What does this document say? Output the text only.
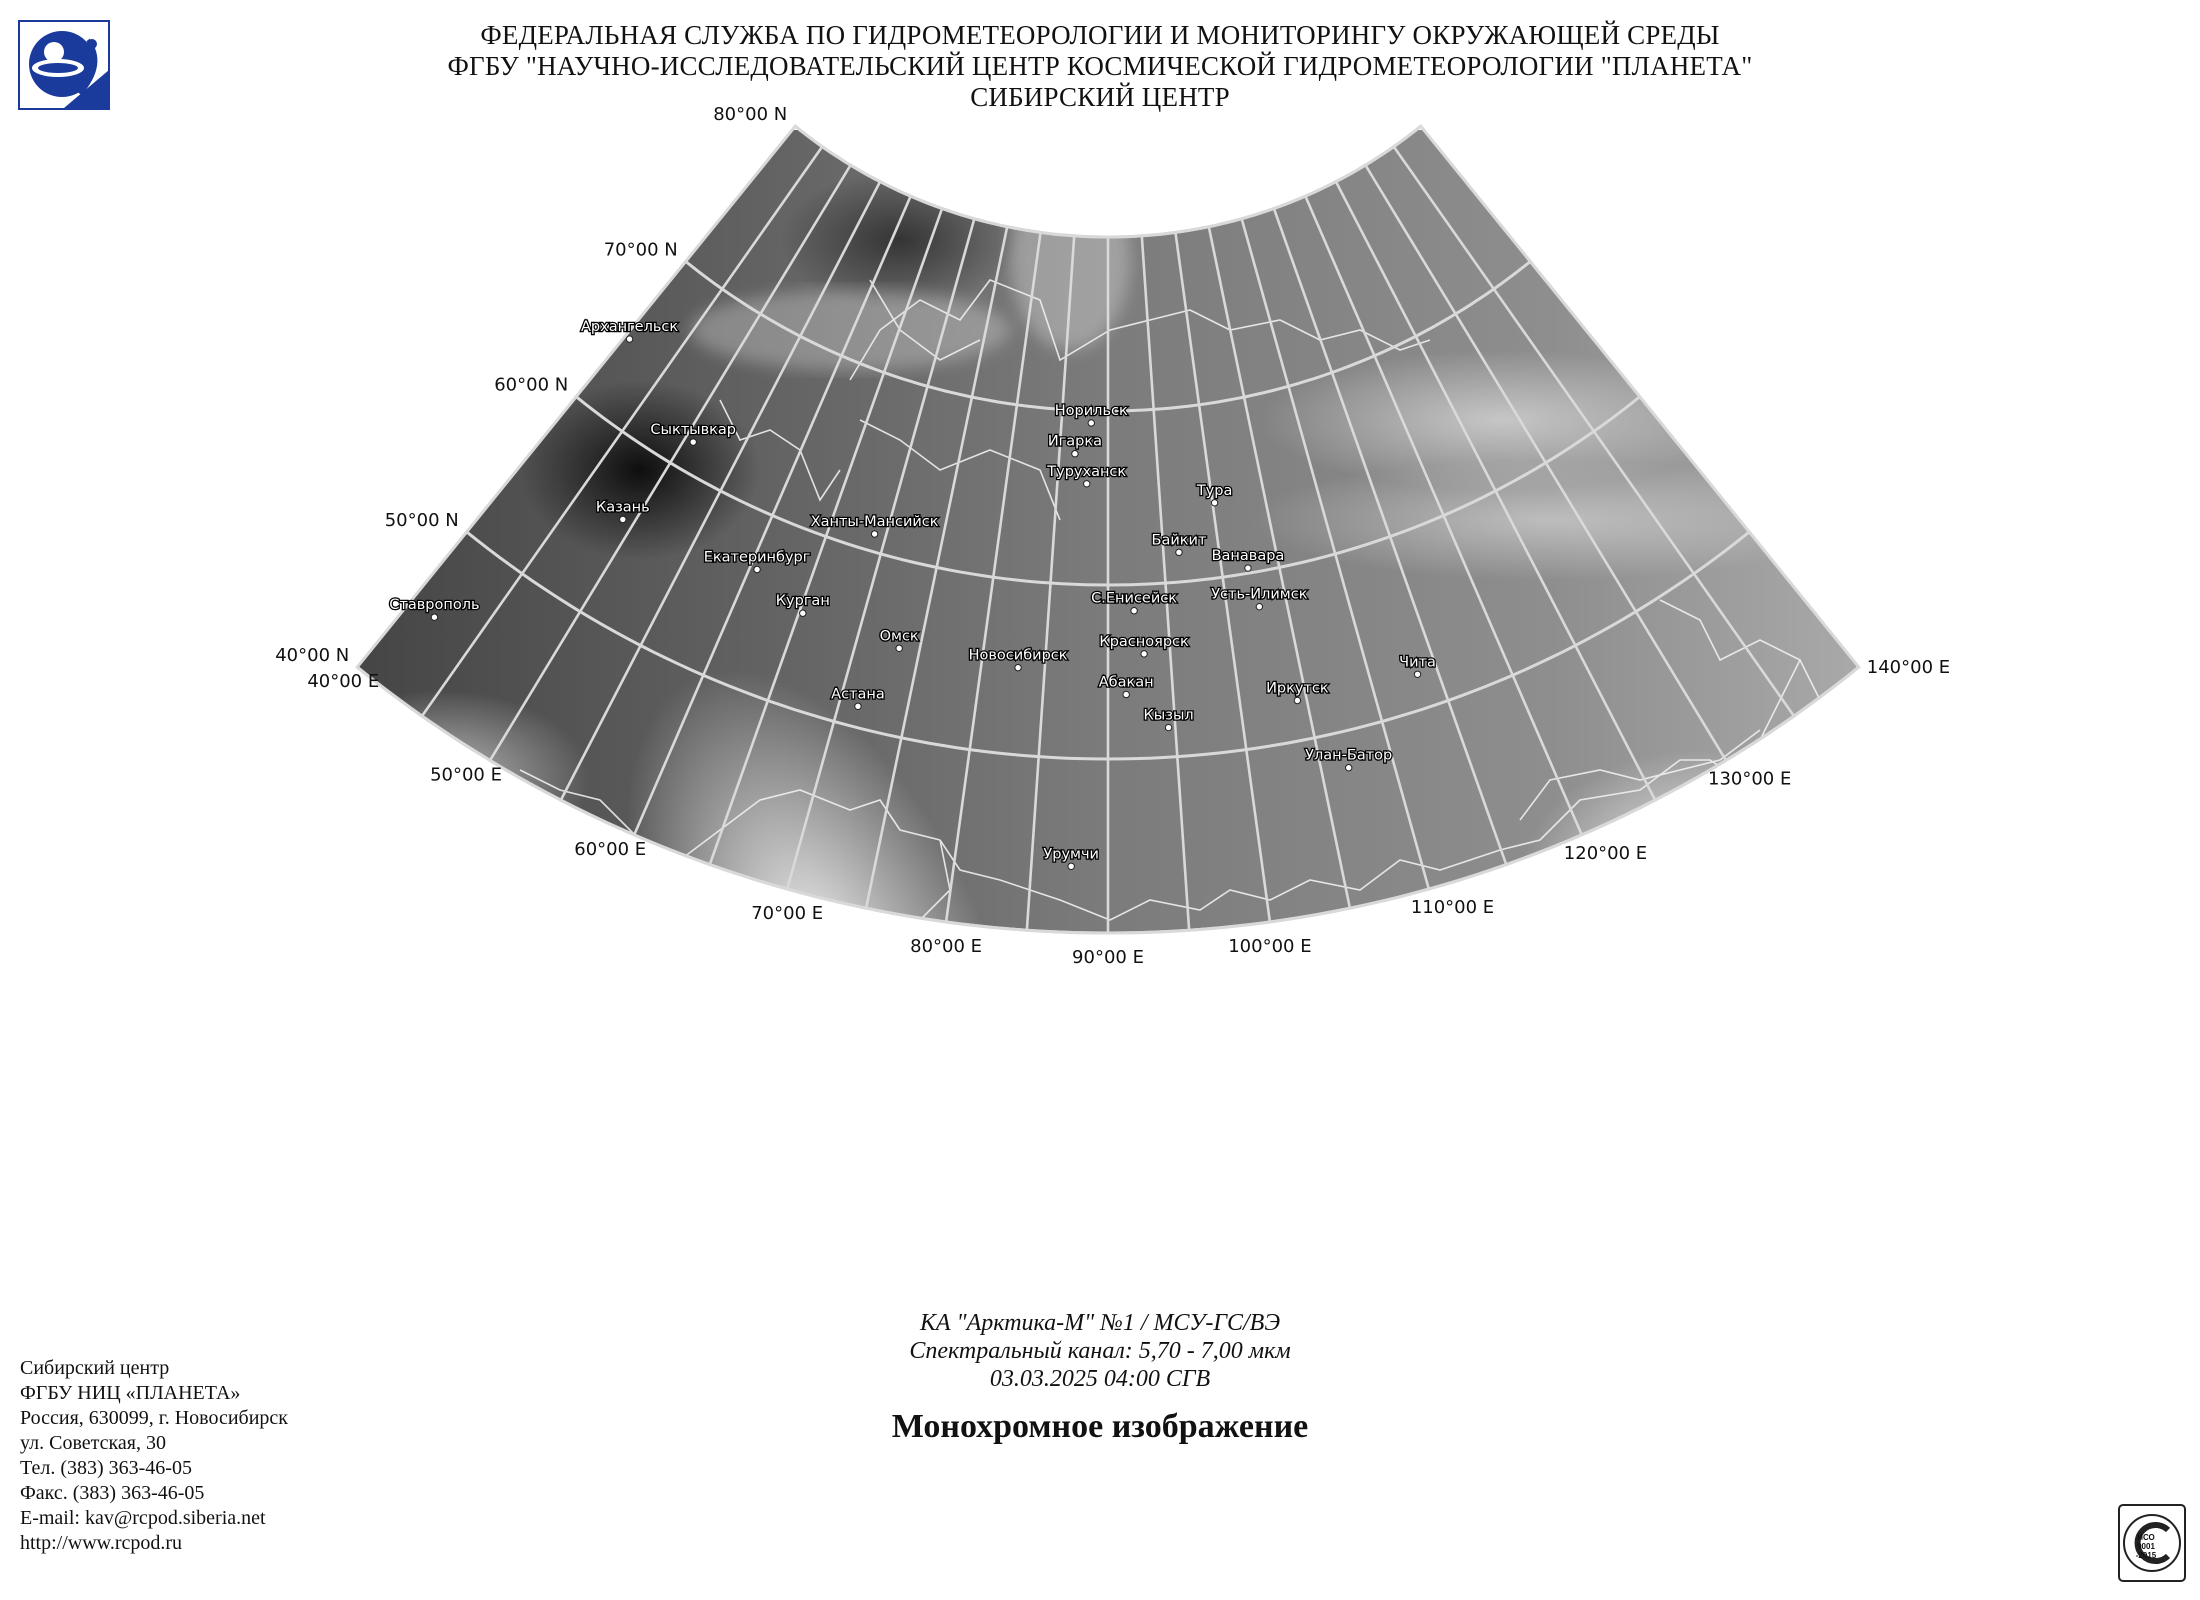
ФЕДЕРАЛЬНАЯ СЛУЖБА ПО ГИДРОМЕТЕОРОЛОГИИ И МОНИТОРИНГУ ОКРУЖАЮЩЕЙ СРЕДЫ
ФГБУ "НАУЧНО-ИССЛЕДОВАТЕЛЬСКИЙ ЦЕНТР КОСМИЧЕСКОЙ ГИДРОМЕТЕОРОЛОГИИ "ПЛАНЕТА"
СИБИРСКИЙ ЦЕНТР
80°00 N
70°00 N
60°00 N
50°00 N
40°00 N
40°00 E
50°00 E
60°00 E
70°00 E
80°00 E
90°00 E
100°00 E
110°00 E
120°00 E
130°00 E
140°00 E
Архангельск
Сыктывкар
Казань
Ставрополь
Екатеринбург
Ханты-Мансийск
Курган
Омск
Астана
Новосибирск
Норильск
Игарка
Туруханск
Тура
Байкит
С.Енисейск
Ванавара
Усть-Илимск
Красноярск
Абакан
Кызыл
Иркутск
Чита
Улан-Батор
Урумчи
КА "Арктика-М" №1 / МСУ-ГС/ВЭ
Спектральный канал: 5,70 - 7,00 мкм
03.03.2025 04:00 СГВ
Монохромное изображение
Сибирский центр
ФГБУ НИЦ «ПЛАНЕТА»
Россия, 630099, г. Новосибирск
ул. Советская, 30
Тел. (383) 363-46-05
Факс. (383) 363-46-05
E-mail: kav@rcpod.siberia.net
http://www.rcpod.ru	ИСО
9001
-2015
